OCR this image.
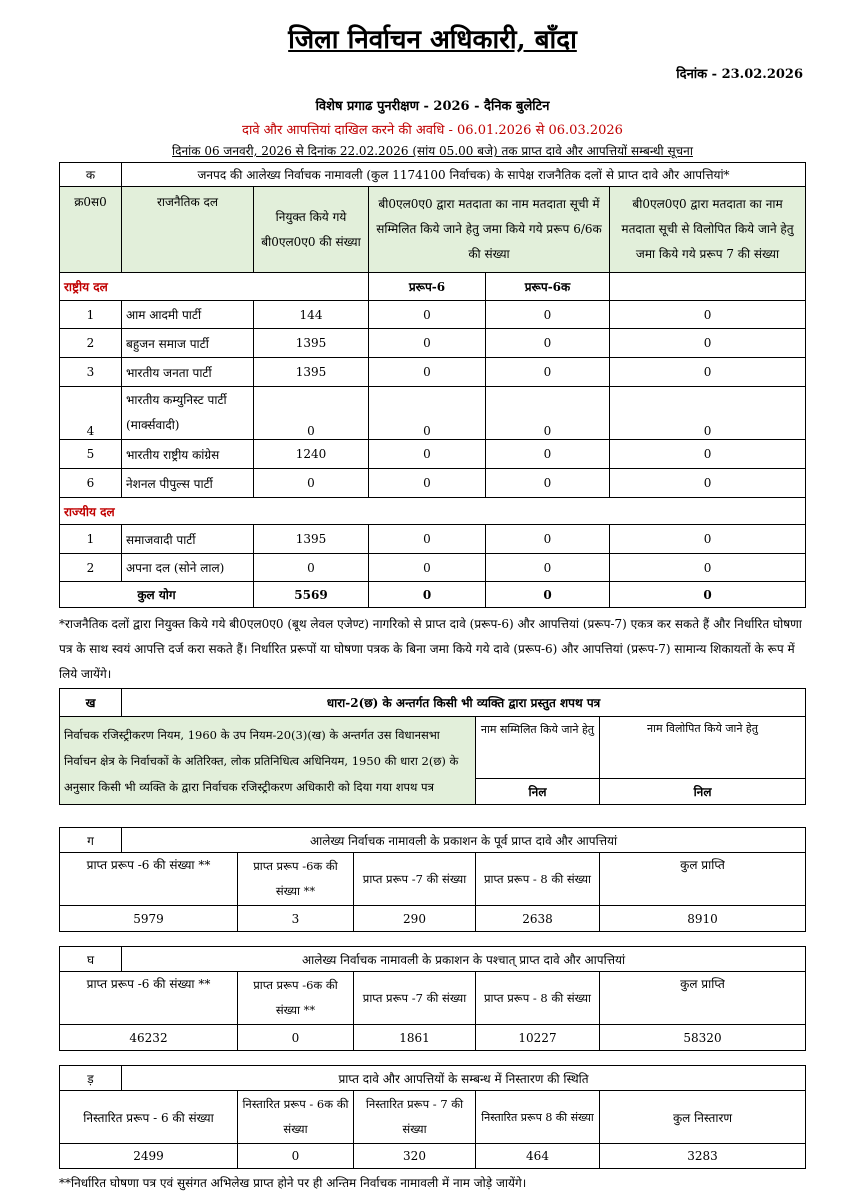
जिला निर्वाचन अधिकारी, बाँदा
दिनांक - 23.02.2026
विशेष प्रगाढ पुनरीक्षण - 2026 - दैनिक बुलेटिन
दावे और आपत्तियां दाखिल करने की अवधि - 06.01.2026 से 06.03.2026
दिनांक 06 जनवरी, 2026 से दिनांक 22.02.2026 (सांय 05.00 बजे) तक प्राप्त दावे और आपत्तियों सम्बन्धी सूचना
क	जनपद की आलेख्य निर्वाचक नामावली (कुल 1174100 निर्वाचक) के सापेक्ष राजनैतिक दलों से प्राप्त दावे और आपत्तियां*				
क्र0स0	राजनैतिक दल	नियुक्त किये गये बी0एल0ए0 की संख्या	बी0एल0ए0 द्वारा मतदाता का नाम मतदाता सूची में सम्मिलित किये जाने हेतु जमा किये गये प्ररूप 6/6क की संख्या		बी0एल0ए0 द्वारा मतदाता का नाम मतदाता सूची से विलोपित किये जाने हेतु जमा किये गये प्ररूप 7 की संख्या
राष्ट्रीय दल			प्ररूप-6	प्ररूप-6क	
1	आम आदमी पार्टी	144	0	0	0
2	बहुजन समाज पार्टी	1395	0	0	0
3	भारतीय जनता पार्टी	1395	0	0	0
4	भारतीय कम्युनिस्ट पार्टी (मार्क्सवादी)	0	0	0	0
5	भारतीय राष्ट्रीय कांग्रेस	1240	0	0	0
6	नेशनल पीपुल्स पार्टी	0	0	0	0
राज्यीय दल					
1	समाजवादी पार्टी	1395	0	0	0
2	अपना दल (सोने लाल)	0	0	0	0
कुल योग		5569	0	0	0
*राजनैतिक दलों द्वारा नियुक्त किये गये बी0एल0ए0 (बूथ लेवल एजेण्ट) नागरिको से प्राप्त दावे (प्ररूप-6) और आपत्तियां (प्ररूप-7) एकत्र कर सकते हैं और निर्धारित घोषणा पत्र के साथ स्वयं आपत्ति दर्ज करा सकते हैं। निर्धारित प्ररूपों या घोषणा पत्रक के बिना जमा किये गये दावे (प्ररूप-6) और आपत्तियां (प्ररूप-7) सामान्य शिकायतों के रूप में लिये जायेंगे।
ख	धारा-2(छ) के अन्तर्गत किसी भी व्यक्ति द्वारा प्रस्तुत शपथ पत्र		
निर्वाचक रजिस्ट्रीकरण नियम, 1960 के उप नियम-20(3)(ख) के अन्तर्गत उस विधानसभा निर्वाचन क्षेत्र के निर्वाचकों के अतिरिक्त, लोक प्रतिनिधित्व अधिनियम, 1950 की धारा 2(छ) के अनुसार किसी भी व्यक्ति के द्वारा निर्वाचक रजिस्ट्रीकरण अधिकारी को दिया गया शपथ पत्र		नाम सम्मिलित किये जाने हेतु	नाम विलोपित किये जाने हेतु
		निल	निल
ग	आलेख्य निर्वाचक नामावली के प्रकाशन के पूर्व प्राप्त दावे और आपत्तियां				
प्राप्त प्ररूप -6 की संख्या **		प्राप्त प्ररूप -6क की संख्या **	प्राप्त प्ररूप -7 की संख्या	प्राप्त प्ररूप - 8 की संख्या	कुल प्राप्ति
5979		3	290	2638	8910
घ	आलेख्य निर्वाचक नामावली के प्रकाशन के पश्चात् प्राप्त दावे और आपत्तियां				
प्राप्त प्ररूप -6 की संख्या **		प्राप्त प्ररूप -6क की संख्या **	प्राप्त प्ररूप -7 की संख्या	प्राप्त प्ररूप - 8 की संख्या	कुल प्राप्ति
46232		0	1861	10227	58320
ड़	प्राप्त दावे और आपत्तियों के सम्बन्ध में निस्तारण की स्थिति				
निस्तारित प्ररूप - 6 की संख्या		निस्तारित प्ररूप - 6क की संख्या	निस्तारित प्ररूप - 7 की संख्या	निस्तारित प्ररूप 8 की संख्या	कुल निस्तारण
2499		0	320	464	3283
**निर्धारित घोषणा पत्र एवं सुसंगत अभिलेख प्राप्त होने पर ही अन्तिम निर्वाचक नामावली में नाम जोड़े जायेंगे।
